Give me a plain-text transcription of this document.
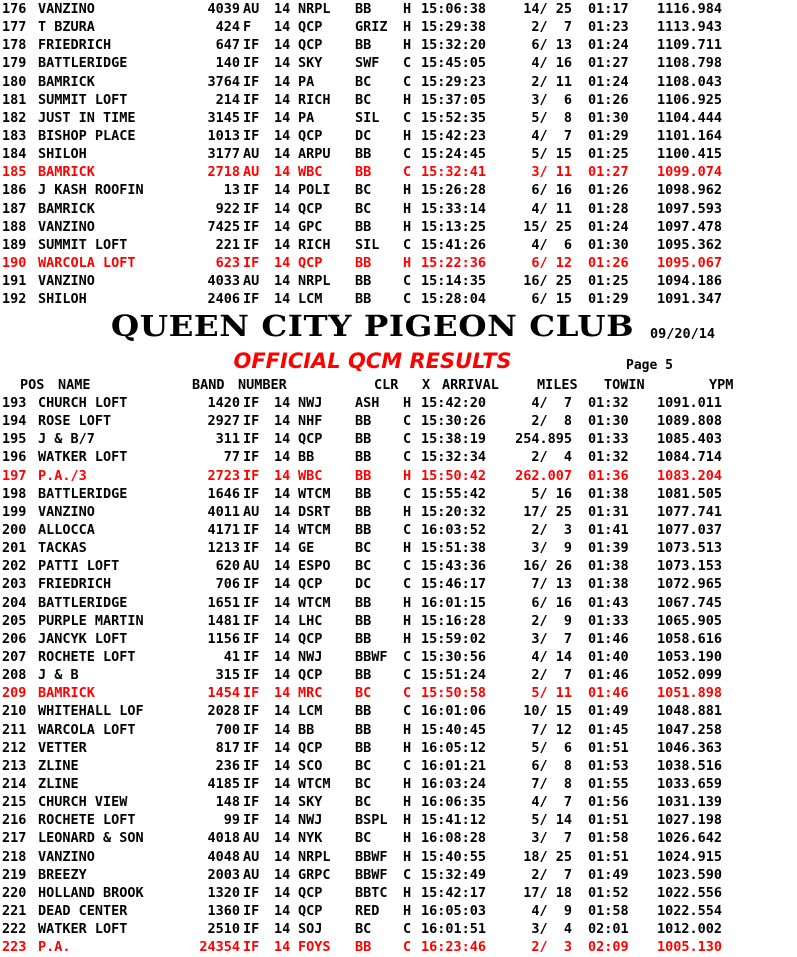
176 VANZINO	4039 AU 14 NRPL BB H 15:06:38	14/ 25 01:17	1116.984
177 T BZURA	424 F 14 QCP GRIZ H 15:29:38	2/  7 01:23	1113.943
178 FRIEDRICH	647 IF 14 QCP BB H 15:32:20	6/ 13 01:24	1109.711
179 BATTLERIDGE	140 IF 14 SKY SWF C 15:45:05	4/ 16 01:27	1108.798
180 BAMRICK	3764 IF 14 PA	BC C 15:29:23	2/ 11 01:24	1108.043
181 SUMMIT LOFT	214 IF 14 RICH BC H 15:37:05	3/  6 01:26	1106.925
182 JUST IN TIME	3145 IF 14 PA	SIL C 15:52:35	5/  8 01:30	1104.444
183 BISHOP PLACE	1013 IF 14 QCP DC H 15:42:23	4/  7 01:29	1101.164
184 SHILOH	3177 AU 14 ARPU BB C 15:24:45	5/ 15 01:25	1100.415
185 BAMRICK	2718 AU 14 WBC BB C 15:32:41	3/ 11 01:27	1099.074
186 J KASH ROOFIN	13 IF 14 POLI BC H 15:26:28	6/ 16 01:26	1098.962
187 BAMRICK	922 IF 14 QCP BC H 15:33:14	4/ 11 01:28	1097.593
188 VANZINO	7425 IF 14 GPC BB H 15:13:25	15/ 25 01:24	1097.478
189 SUMMIT LOFT	221 IF 14 RICH SIL C 15:41:26	4/  6 01:30	1095.362
190 WARCOLA LOFT	623 IF 14 QCP BB H 15:22:36	6/ 12 01:26	1095.067
191 VANZINO	4033 AU 14 NRPL BB C 15:14:35	16/ 25 01:25	1094.186
192 SHILOH	2406 IF 14 LCM BB C 15:28:04	6/ 15 01:29	1091.347
QUEEN CITY PIGEON CLUB	09/20/14
OFFICIAL QCM RESULTS	Page 5
POS NAME	BAND NUMBER	CLR X ARRIVAL	MILES TOWIN	YPM
193 CHURCH LOFT	1420 IF 14 NWJ ASH H 15:42:20	4/  7 01:32	1091.011
194 ROSE LOFT	2927 IF 14 NHF BB C 15:30:26	2/  8 01:30	1089.808
195 J & B/7	311 IF 14 QCP BB C 15:38:19	254.895 01:33	1085.403
196 WATKER LOFT	77 IF 14 BB	BB C 15:32:34	2/  4 01:32	1084.714
197 P.A./3	2723 IF 14 WBC BB H 15:50:42	262.007 01:36	1083.204
198 BATTLERIDGE	1646 IF 14 WTCM BB C 15:55:42	5/ 16 01:38	1081.505
199 VANZINO	4011 AU 14 DSRT BB H 15:20:32	17/ 25 01:31	1077.741
200 ALLOCCA	4171 IF 14 WTCM BB C 16:03:52	2/  3 01:41	1077.037
201 TACKAS	1213 IF 14 GE	BC H 15:51:38	3/  9 01:39	1073.513
202 PATTI LOFT	620 AU 14 ESPO BC C 15:43:36	16/ 26 01:38	1073.153
203 FRIEDRICH	706 IF 14 QCP DC C 15:46:17	7/ 13 01:38	1072.965
204 BATTLERIDGE	1651 IF 14 WTCM BB H 16:01:15	6/ 16 01:43	1067.745
205 PURPLE MARTIN	1481 IF 14 LHC BB H 15:16:28	2/  9 01:33	1065.905
206 JANCYK LOFT	1156 IF 14 QCP BB H 15:59:02	3/  7 01:46	1058.616
207 ROCHETE LOFT	41 IF 14 NWJ BBWF C 15:30:56	4/ 14 01:40	1053.190
208 J & B	315 IF 14 QCP BB C 15:51:24	2/  7 01:46	1052.099
209 BAMRICK	1454 IF 14 MRC BC C 15:50:58	5/ 11 01:46	1051.898
210 WHITEHALL LOF	2028 IF 14 LCM BB C 16:01:06	10/ 15 01:49	1048.881
211 WARCOLA LOFT	700 IF 14 BB	BB H 15:40:45	7/ 12 01:45	1047.258
212 VETTER	817 IF 14 QCP BB H 16:05:12	5/  6 01:51	1046.363
213 ZLINE	236 IF 14 SCO BC C 16:01:21	6/  8 01:53	1038.516
214 ZLINE	4185 IF 14 WTCM BC H 16:03:24	7/  8 01:55	1033.659
215 CHURCH VIEW	148 IF 14 SKY BC H 16:06:35	4/  7 01:56	1031.139
216 ROCHETE LOFT	99 IF 14 NWJ BSPL H 15:41:12	5/ 14 01:51	1027.198
217 LEONARD & SON	4018 AU 14 NYK BC H 16:08:28	3/  7 01:58	1026.642
218 VANZINO	4048 AU 14 NRPL BBWF H 15:40:55	18/ 25 01:51	1024.915
219 BREEZY	2003 AU 14 GRPC BBWF C 15:32:49	2/  7 01:49	1023.590
220 HOLLAND BROOK	1320 IF 14 QCP BBTC H 15:42:17	17/ 18 01:52	1022.556
221 DEAD CENTER	1360 IF 14 QCP RED H 16:05:03	4/  9 01:58	1022.554
222 WATKER LOFT	2510 IF 14 SOJ BC C 16:01:51	3/  4 02:01	1012.002
223 P.A.	24354 IF 14 FOYS BB C 16:23:46	2/  3 02:09	1005.130
